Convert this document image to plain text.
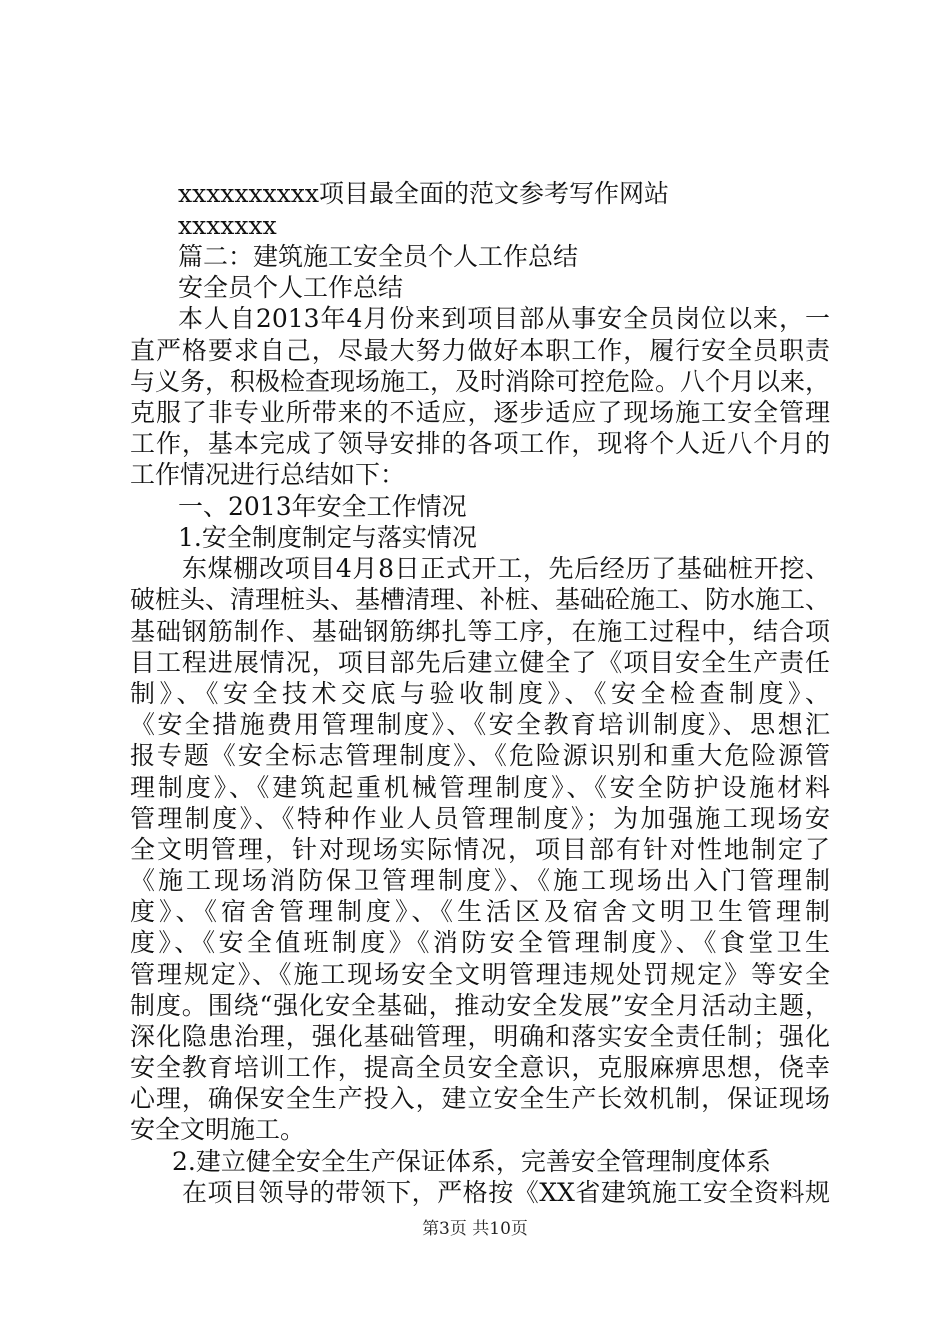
xxxxxxxxxx项目最全面的范文参考写作网站
xxxxxxx
篇二：建筑施工安全员个人工作总结
安全员个人工作总结
本人自2013年4月份来到项目部从事安全员岗位以来，一
直严格要求自己，尽最大努力做好本职工作，履行安全员职责
与义务，积极检查现场施工，及时消除可控危险。八个月以来，
克服了非专业所带来的不适应，逐步适应了现场施工安全管理
工作，基本完成了领导安排的各项工作，现将个人近八个月的
工作情况进行总结如下：
一、2013年安全工作情况
1.安全制度制定与落实情况
东煤棚改项目4月8日正式开工，先后经历了基础桩开挖、
破桩头、清理桩头、基槽清理、补桩、基础砼施工、防水施工、
基础钢筋制作、基础钢筋绑扎等工序，在施工过程中，结合项
目工程进展情况，项目部先后建立健全了《项目安全生产责任
制》、《安全技术交底与验收制度》、《安全检查制度》、
《安全措施费用管理制度》、《安全教育培训制度》、思想汇
报专题《安全标志管理制度》、《危险源识别和重大危险源管
理制度》、《建筑起重机械管理制度》、《安全防护设施材料
管理制度》、《特种作业人员管理制度》；为加强施工现场安
全文明管理，针对现场实际情况，项目部有针对性地制定了
《施工现场消防保卫管理制度》、《施工现场出入门管理制
度》、《宿舍管理制度》、《生活区及宿舍文明卫生管理制
度》、《安全值班制度》《消防安全管理制度》、《食堂卫生
管理规定》、《施工现场安全文明管理违规处罚规定》等安全
制度。围绕“强化安全基础，推动安全发展”安全月活动主题，
深化隐患治理，强化基础管理，明确和落实安全责任制；强化
安全教育培训工作，提高全员安全意识，克服麻痹思想，侥幸
心理，确保安全生产投入，建立安全生产长效机制，保证现场
安全文明施工。
2.建立健全安全生产保证体系，完善安全管理制度体系
在项目领导的带领下，严格按《XX省建筑施工安全资料规
第3页 共10页
